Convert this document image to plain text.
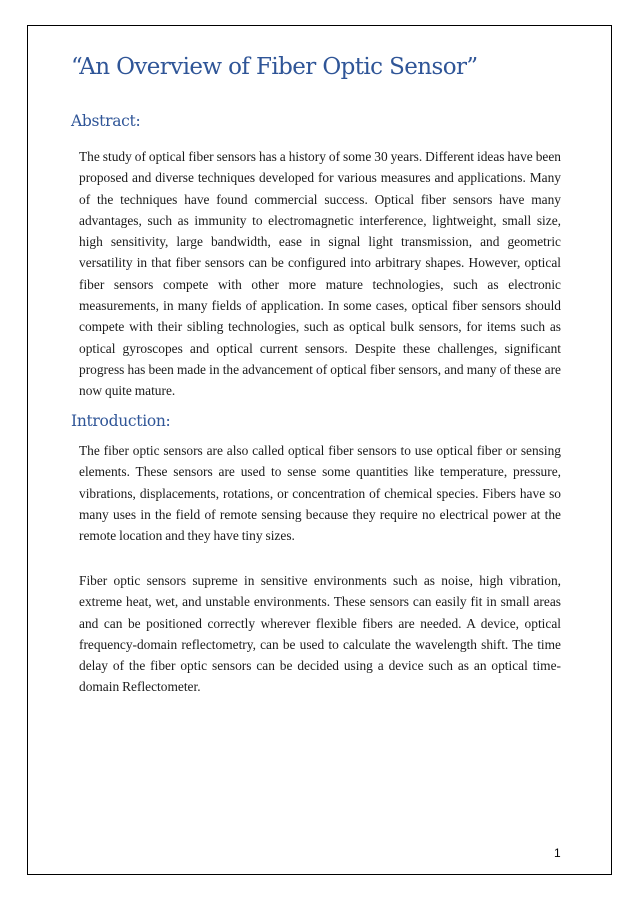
“An Overview of Fiber Optic Sensor”
Abstract:

The study of optical fiber sensors has a history of some 30 years. Different ideas have been proposed and diverse techniques developed for various measures and applications. Many of the techniques have found commercial success. Optical fiber sensors have many advantages, such as immunity to electromagnetic interference, lightweight, small size, high sensitivity, large bandwidth, ease in signal light transmission, and geometric versatility in that fiber sensors can be configured into arbitrary shapes. However, optical fiber sensors compete with other more mature technologies, such as electronic measurements, in many fields of application. In some cases, optical fiber sensors should compete with their sibling technologies, such as optical bulk sensors, for items such as optical gyroscopes and optical current sensors. Despite these challenges, significant progress has been made in the advancement of optical fiber sensors, and many of these are now quite mature.

Introduction:

The fiber optic sensors are also called optical fiber sensors to use optical fiber or sensing elements. These sensors are used to sense some quantities like temperature, pressure, vibrations, displacements, rotations, or concentration of chemical species. Fibers have so many uses in the field of remote sensing because they require no electrical power at the remote location and they have tiny sizes.

Fiber optic sensors supreme in sensitive environments such as noise, high vibration, extreme heat, wet, and unstable environments. These sensors can easily fit in small areas and can be positioned correctly wherever flexible fibers are needed. A device, optical frequency-domain reflectometry, can be used to calculate the wavelength shift. The time delay of the fiber optic sensors can be decided using a device such as an optical time-domain Reflectometer.

1
